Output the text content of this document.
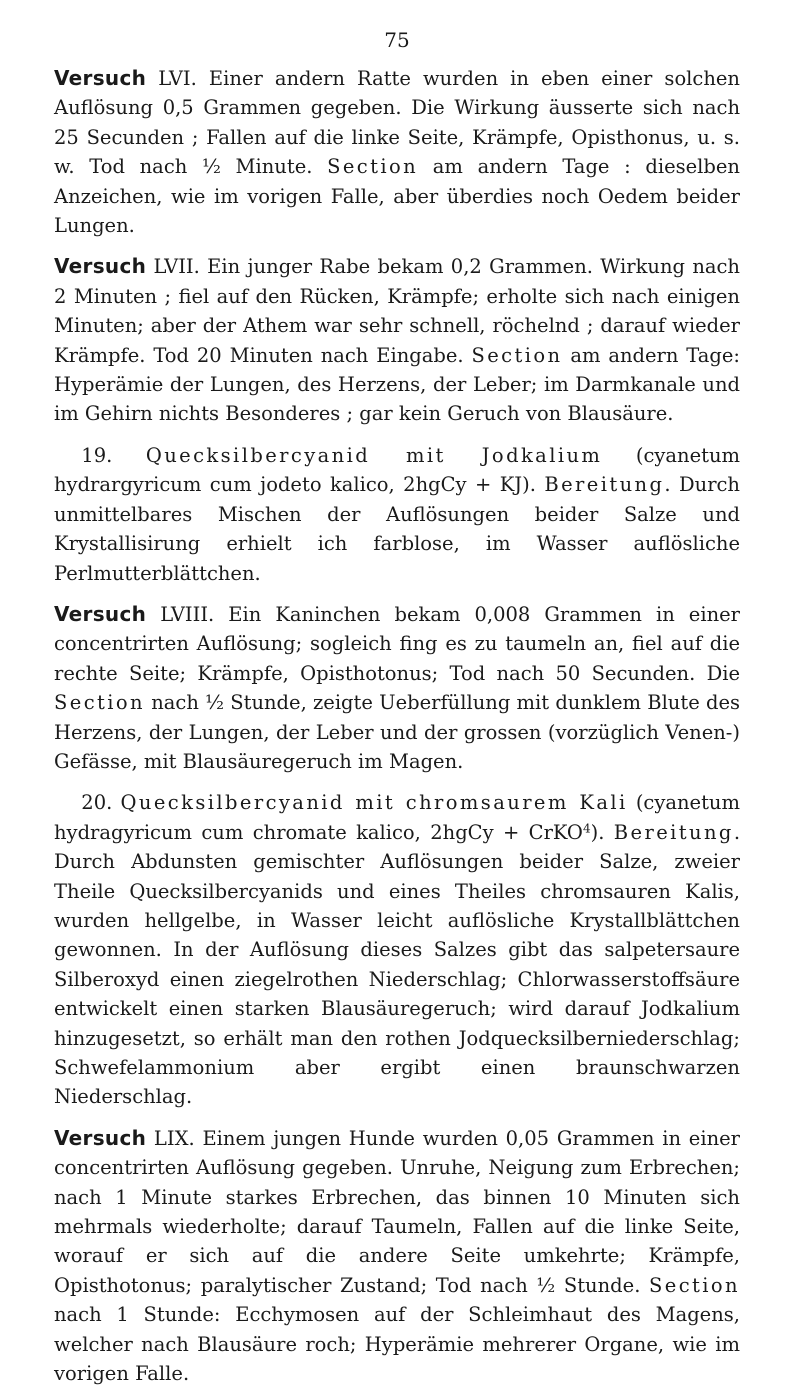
75

Versuch LVI. Einer andern Ratte wurden in eben einer solchen Auflösung 0,5 Grammen gegeben. Die Wirkung äusserte sich nach 25 Secunden ; Fallen auf die linke Seite, Krämpfe, Opisthonus, u. s. w. Tod nach ½ Minute. Section am andern Tage : dieselben Anzeichen, wie im vorigen Falle, aber überdies noch Oedem beider Lungen.

Versuch LVII. Ein junger Rabe bekam 0,2 Grammen. Wirkung nach 2 Minuten ; fiel auf den Rücken, Krämpfe; erholte sich nach einigen Minuten; aber der Athem war sehr schnell, röchelnd ; darauf wieder Krämpfe. Tod 20 Minuten nach Eingabe. Section am andern Tage: Hyperämie der Lungen, des Herzens, der Leber; im Darmkanale und im Gehirn nichts Besonderes ; gar kein Geruch von Blausäure.

19. Quecksilbercyanid mit Jodkalium (cyanetum hydrargyricum cum jodeto kalico, 2hgCy + KJ). Bereitung. Durch unmittelbares Mischen der Auflösungen beider Salze und Krystallisirung erhielt ich farblose, im Wasser auflösliche Perlmutterblättchen.

Versuch LVIII. Ein Kaninchen bekam 0,008 Grammen in einer concentrirten Auflösung; sogleich fing es zu taumeln an, fiel auf die rechte Seite; Krämpfe, Opisthotonus; Tod nach 50 Secunden. Die Section nach ½ Stunde, zeigte Ueberfüllung mit dunklem Blute des Herzens, der Lungen, der Leber und der grossen (vorzüglich Venen-) Gefässe, mit Blausäuregeruch im Magen.

20. Quecksilbercyanid mit chromsaurem Kali (cyanetum hydragyricum cum chromate kalico, 2hgCy + CrKO$^4$). Bereitung. Durch Abdunsten gemischter Auflösungen beider Salze, zweier Theile Quecksilbercyanids und eines Theiles chromsauren Kalis, wurden hellgelbe, in Wasser leicht auflösliche Krystallblättchen gewonnen. In der Auflösung dieses Salzes gibt das salpetersaure Silberoxyd einen ziegelrothen Niederschlag; Chlorwasserstoffsäure entwickelt einen starken Blausäuregeruch; wird darauf Jodkalium hinzugesetzt, so erhält man den rothen Jodquecksilberniederschlag; Schwefelammonium aber ergibt einen braunschwarzen Niederschlag.

Versuch LIX. Einem jungen Hunde wurden 0,05 Grammen in einer concentrirten Auflösung gegeben. Unruhe, Neigung zum Erbrechen; nach 1 Minute starkes Erbrechen, das binnen 10 Minuten sich mehrmals wiederholte; darauf Taumeln, Fallen auf die linke Seite, worauf er sich auf die andere Seite umkehrte; Krämpfe, Opisthotonus; paralytischer Zustand; Tod nach ½ Stunde. Section nach 1 Stunde: Ecchymosen auf der Schleimhaut des Magens, welcher nach Blausäure roch; Hyperämie mehrerer Organe, wie im vorigen Falle.
